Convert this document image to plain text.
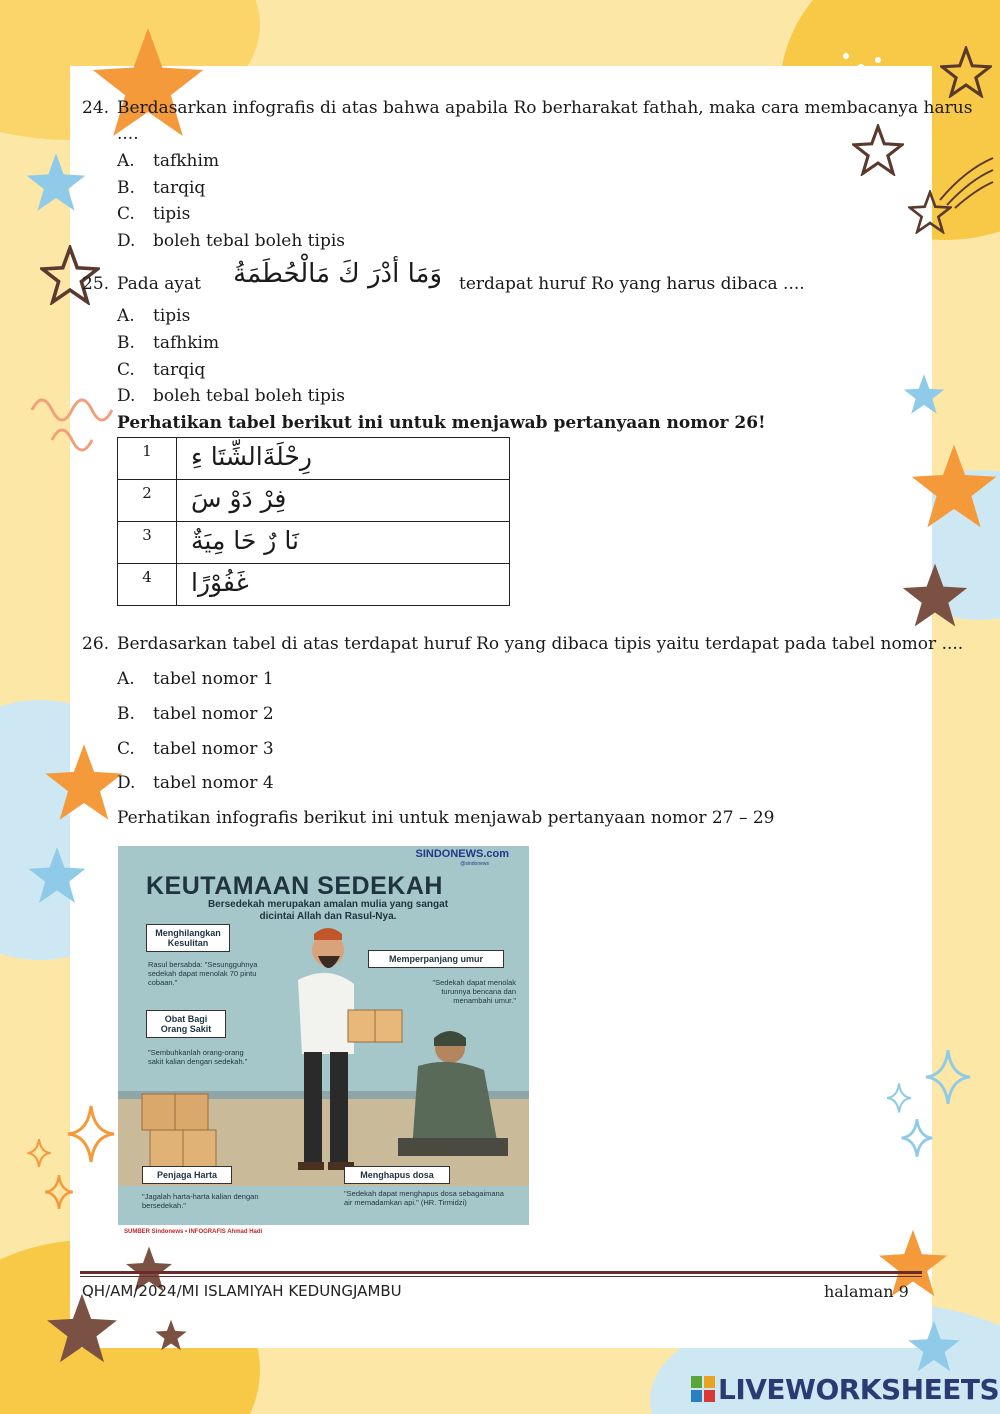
24. Berdasarkan infografis di atas bahwa apabila Ro berharakat fathah, maka cara membacanya harus
....
A. tafkhim
B. tarqiq
C. tipis
D. boleh tebal boleh tipis
25. Pada ayat	وَمَا أدْرَ كَ مَالْحُطَمَةُ terdapat huruf Ro yang harus dibaca ....
A. tipis
B. tafhkim
C. tarqiq
D. boleh tebal boleh tipis
Perhatikan tabel berikut ini untuk menjawab pertanyaan nomor 26!
1	رِحْلَةَالشِّتَا ءِ
2	فِرْ دَوْ سَ
3	نَا رٌ حَا مِيَةٌ
4	غَفُوْرًا
26. Berdasarkan tabel di atas terdapat huruf Ro yang dibaca tipis yaitu terdapat pada tabel nomor ....
A. tabel nomor 1
B. tabel nomor 2
C. tabel nomor 3
D. tabel nomor 4
Perhatikan infografis berikut ini untuk menjawab pertanyaan nomor 27 – 29
SINDONEWS.com
@sindonews
KEUTAMAAN SEDEKAH
Bersedekah merupakan amalan mulia yang sangat dicintai Allah dan Rasul-Nya.
Menghilangkan Kesulitan
Rasul bersabda: "Sesungguhnya sedekah dapat menolak 70 pintu cobaan."
Memperpanjang umur
"Sedekah dapat menolak turunnya bencana dan menambahi umur."
Obat Bagi Orang Sakit
"Sembuhkanlah orang-orang sakit kalian dengan sedekah."
Penjaga Harta
"Jagalah harta-harta kalian dengan bersedekah."
Menghapus dosa
"Sedekah dapat menghapus dosa sebagaimana air memadamkan api." (HR. Tirmidzi)
SUMBER Sindonews • INFOGRAFIS Ahmad Hadi
QH/AM/2024/MI ISLAMIYAH KEDUNGJAMBU	halaman 9
LIVEWORKSHEETS
